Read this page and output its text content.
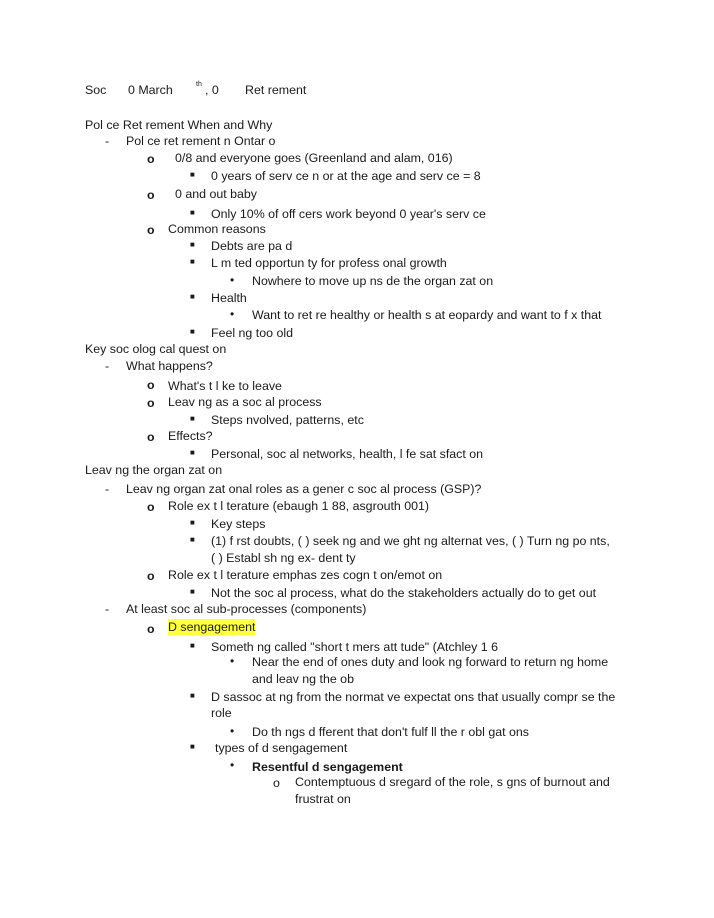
Soc 0 March	th , 0 Ret rement
Pol ce Ret rement When and Why
- Pol ce ret rement n Ontar o
o 0/8 and everyone goes (Greenland and alam, 016)
■ 0 years of serv ce n or at the age and serv ce = 8
o 0 and out baby
■ Only 10% of off cers work beyond 0 year's serv ce
o Common reasons
■ Debts are pa d
■ L m ted opportun ty for profess onal growth
• Nowhere to move up ns de the organ zat on
■ Health
• Want to ret re healthy or health s at eopardy and want to f x that
■ Feel ng too old
Key soc olog cal quest on
- What happens?
o What's t l ke to leave
o Leav ng as a soc al process
■ Steps nvolved, patterns, etc
o Effects?
■ Personal, soc al networks, health, l fe sat sfact on
Leav ng the organ zat on
- Leav ng organ zat onal roles as a gener c soc al process (GSP)?
o Role ex t l terature (ebaugh 1 88, asgrouth 001)
■ Key steps
■ (1) f rst doubts, ( ) seek ng and we ght ng alternat ves, ( ) Turn ng po nts,
( ) Establ sh ng ex- dent ty
o Role ex t l terature emphas zes cogn t on/emot on
■ Not the soc al process, what do the stakeholders actually do to get out
- At least soc al sub-processes (components)
o D sengagement
■ Someth ng called "short t mers att tude" (Atchley 1 6
• Near the end of ones duty and look ng forward to return ng home
and leav ng the ob
■ D sassoc at ng from the normat ve expectat ons that usually compr se the
role
• Do th ngs d fferent that don't fulf ll the r obl gat ons
■ types of d sengagement
• Resentful d sengagement
o Contemptuous d sregard of the role, s gns of burnout and
frustrat on
